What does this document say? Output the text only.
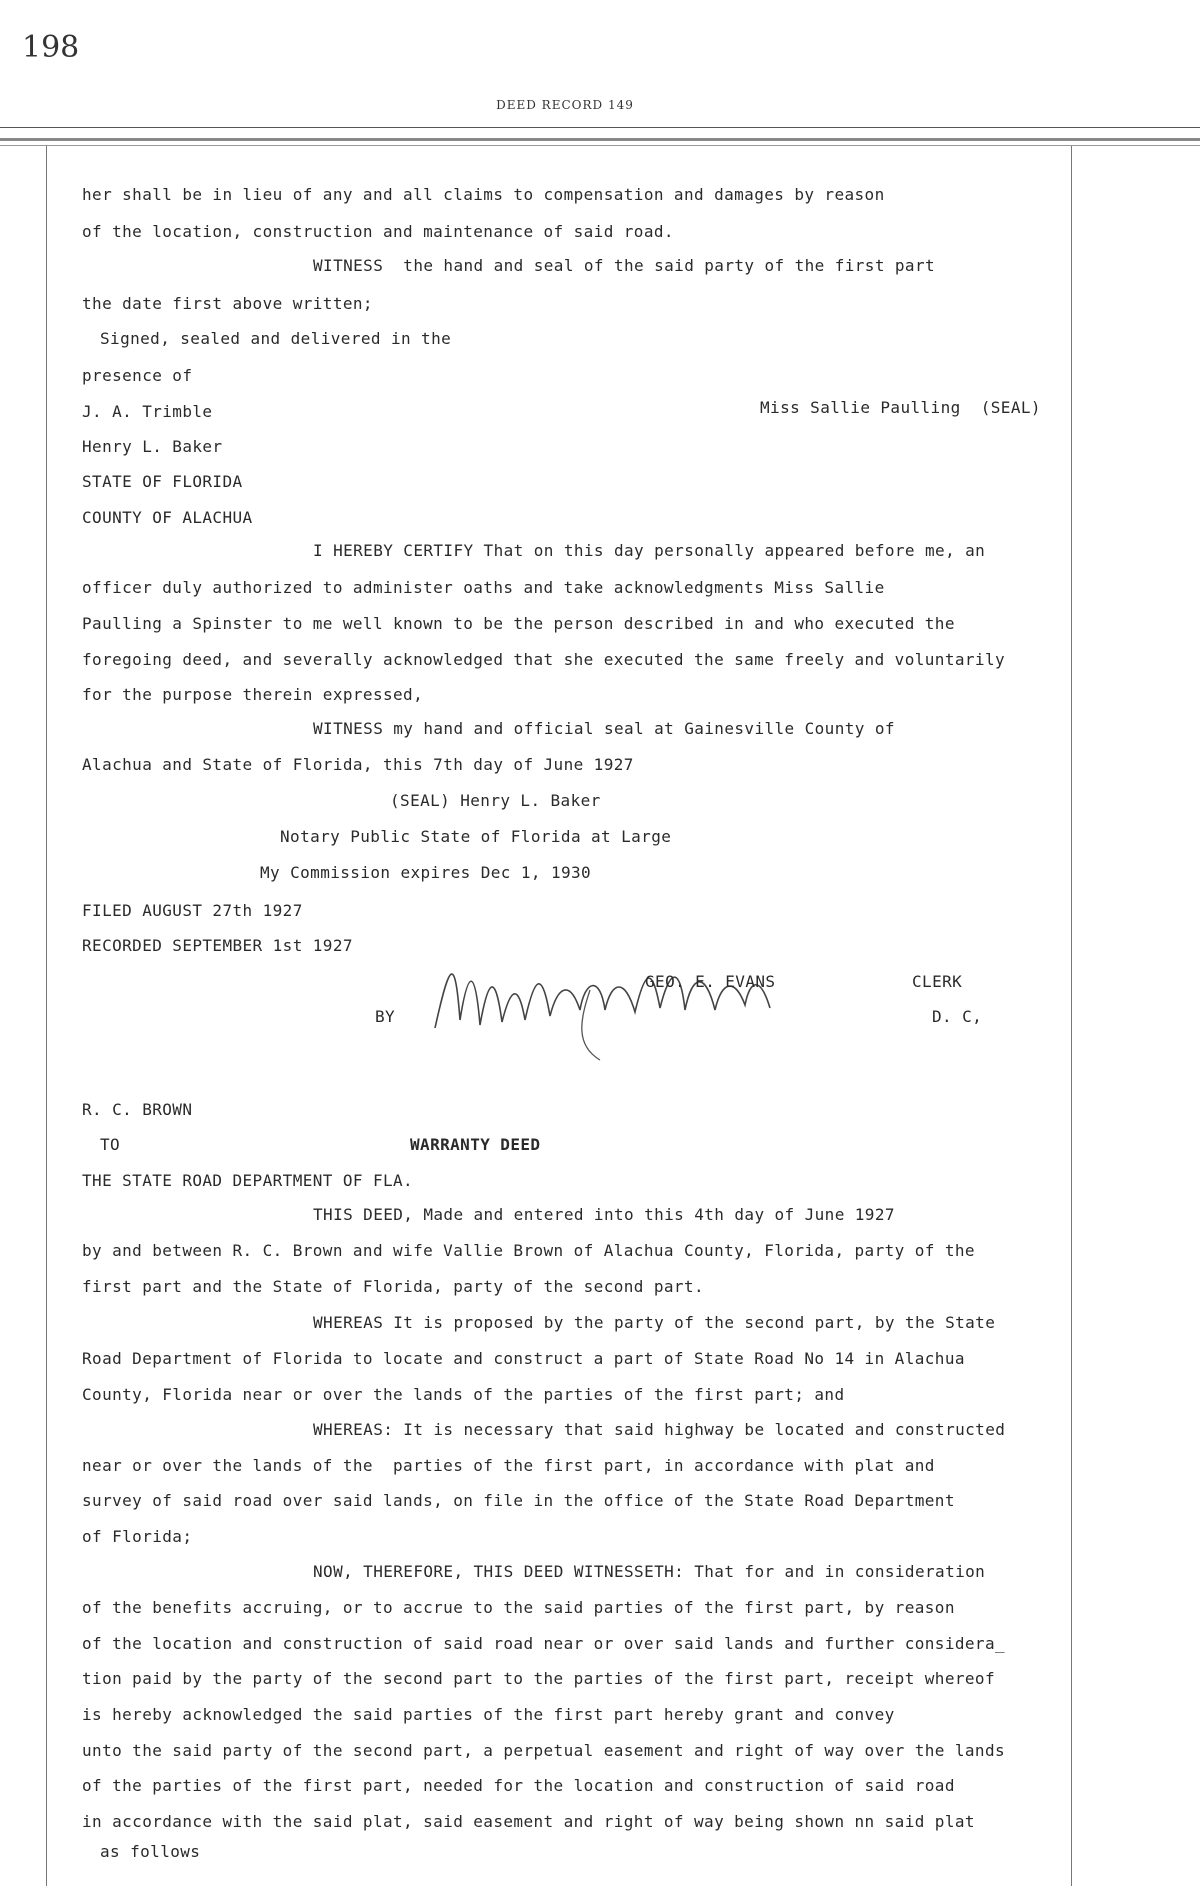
198
DEED RECORD 149
her shall be in lieu of any and all claims to compensation and damages by reason
of the location, construction and maintenance of said road.
WITNESS  the hand and seal of the said party of the first part
the date first above written;
Signed, sealed and delivered in the
presence of
J. A. Trimble	Miss Sallie Paulling  (SEAL)
Henry L. Baker
STATE OF FLORIDA
COUNTY OF ALACHUA
I HEREBY CERTIFY That on this day personally appeared before me, an
officer duly authorized to administer oaths and take acknowledgments Miss Sallie
Paulling a Spinster to me well known to be the person described in and who executed the
foregoing deed, and severally acknowledged that she executed the same freely and voluntarily
for the purpose therein expressed,
WITNESS my hand and official seal at Gainesville County of
Alachua and State of Florida, this 7th day of June 1927
(SEAL) Henry L. Baker
Notary Public State of Florida at Large
My Commission expires Dec 1, 1930
FILED AUGUST 27th 1927
RECORDED SEPTEMBER 1st 1927
GEO. E. EVANS	CLERK
BY	D. C,
R. C. BROWN
TO	WARRANTY DEED
THE STATE ROAD DEPARTMENT OF FLA.
THIS DEED, Made and entered into this 4th day of June 1927
by and between R. C. Brown and wife Vallie Brown of Alachua County, Florida, party of the
first part and the State of Florida, party of the second part.
WHEREAS It is proposed by the party of the second part, by the State
Road Department of Florida to locate and construct a part of State Road No 14 in Alachua
County, Florida near or over the lands of the parties of the first part; and
WHEREAS: It is necessary that said highway be located and constructed
near or over the lands of the  parties of the first part, in accordance with plat and
survey of said road over said lands, on file in the office of the State Road Department
of Florida;
NOW, THEREFORE, THIS DEED WITNESSETH: That for and in consideration
of the benefits accruing, or to accrue to the said parties of the first part, by reason
of the location and construction of said road near or over said lands and further considera_
tion paid by the party of the second part to the parties of the first part, receipt whereof
is hereby acknowledged the said parties of the first part hereby grant and convey
unto the said party of the second part, a perpetual easement and right of way over the lands
of the parties of the first part, needed for the location and construction of said road
in accordance with the said plat, said easement and right of way being shown nn said plat
as follows
